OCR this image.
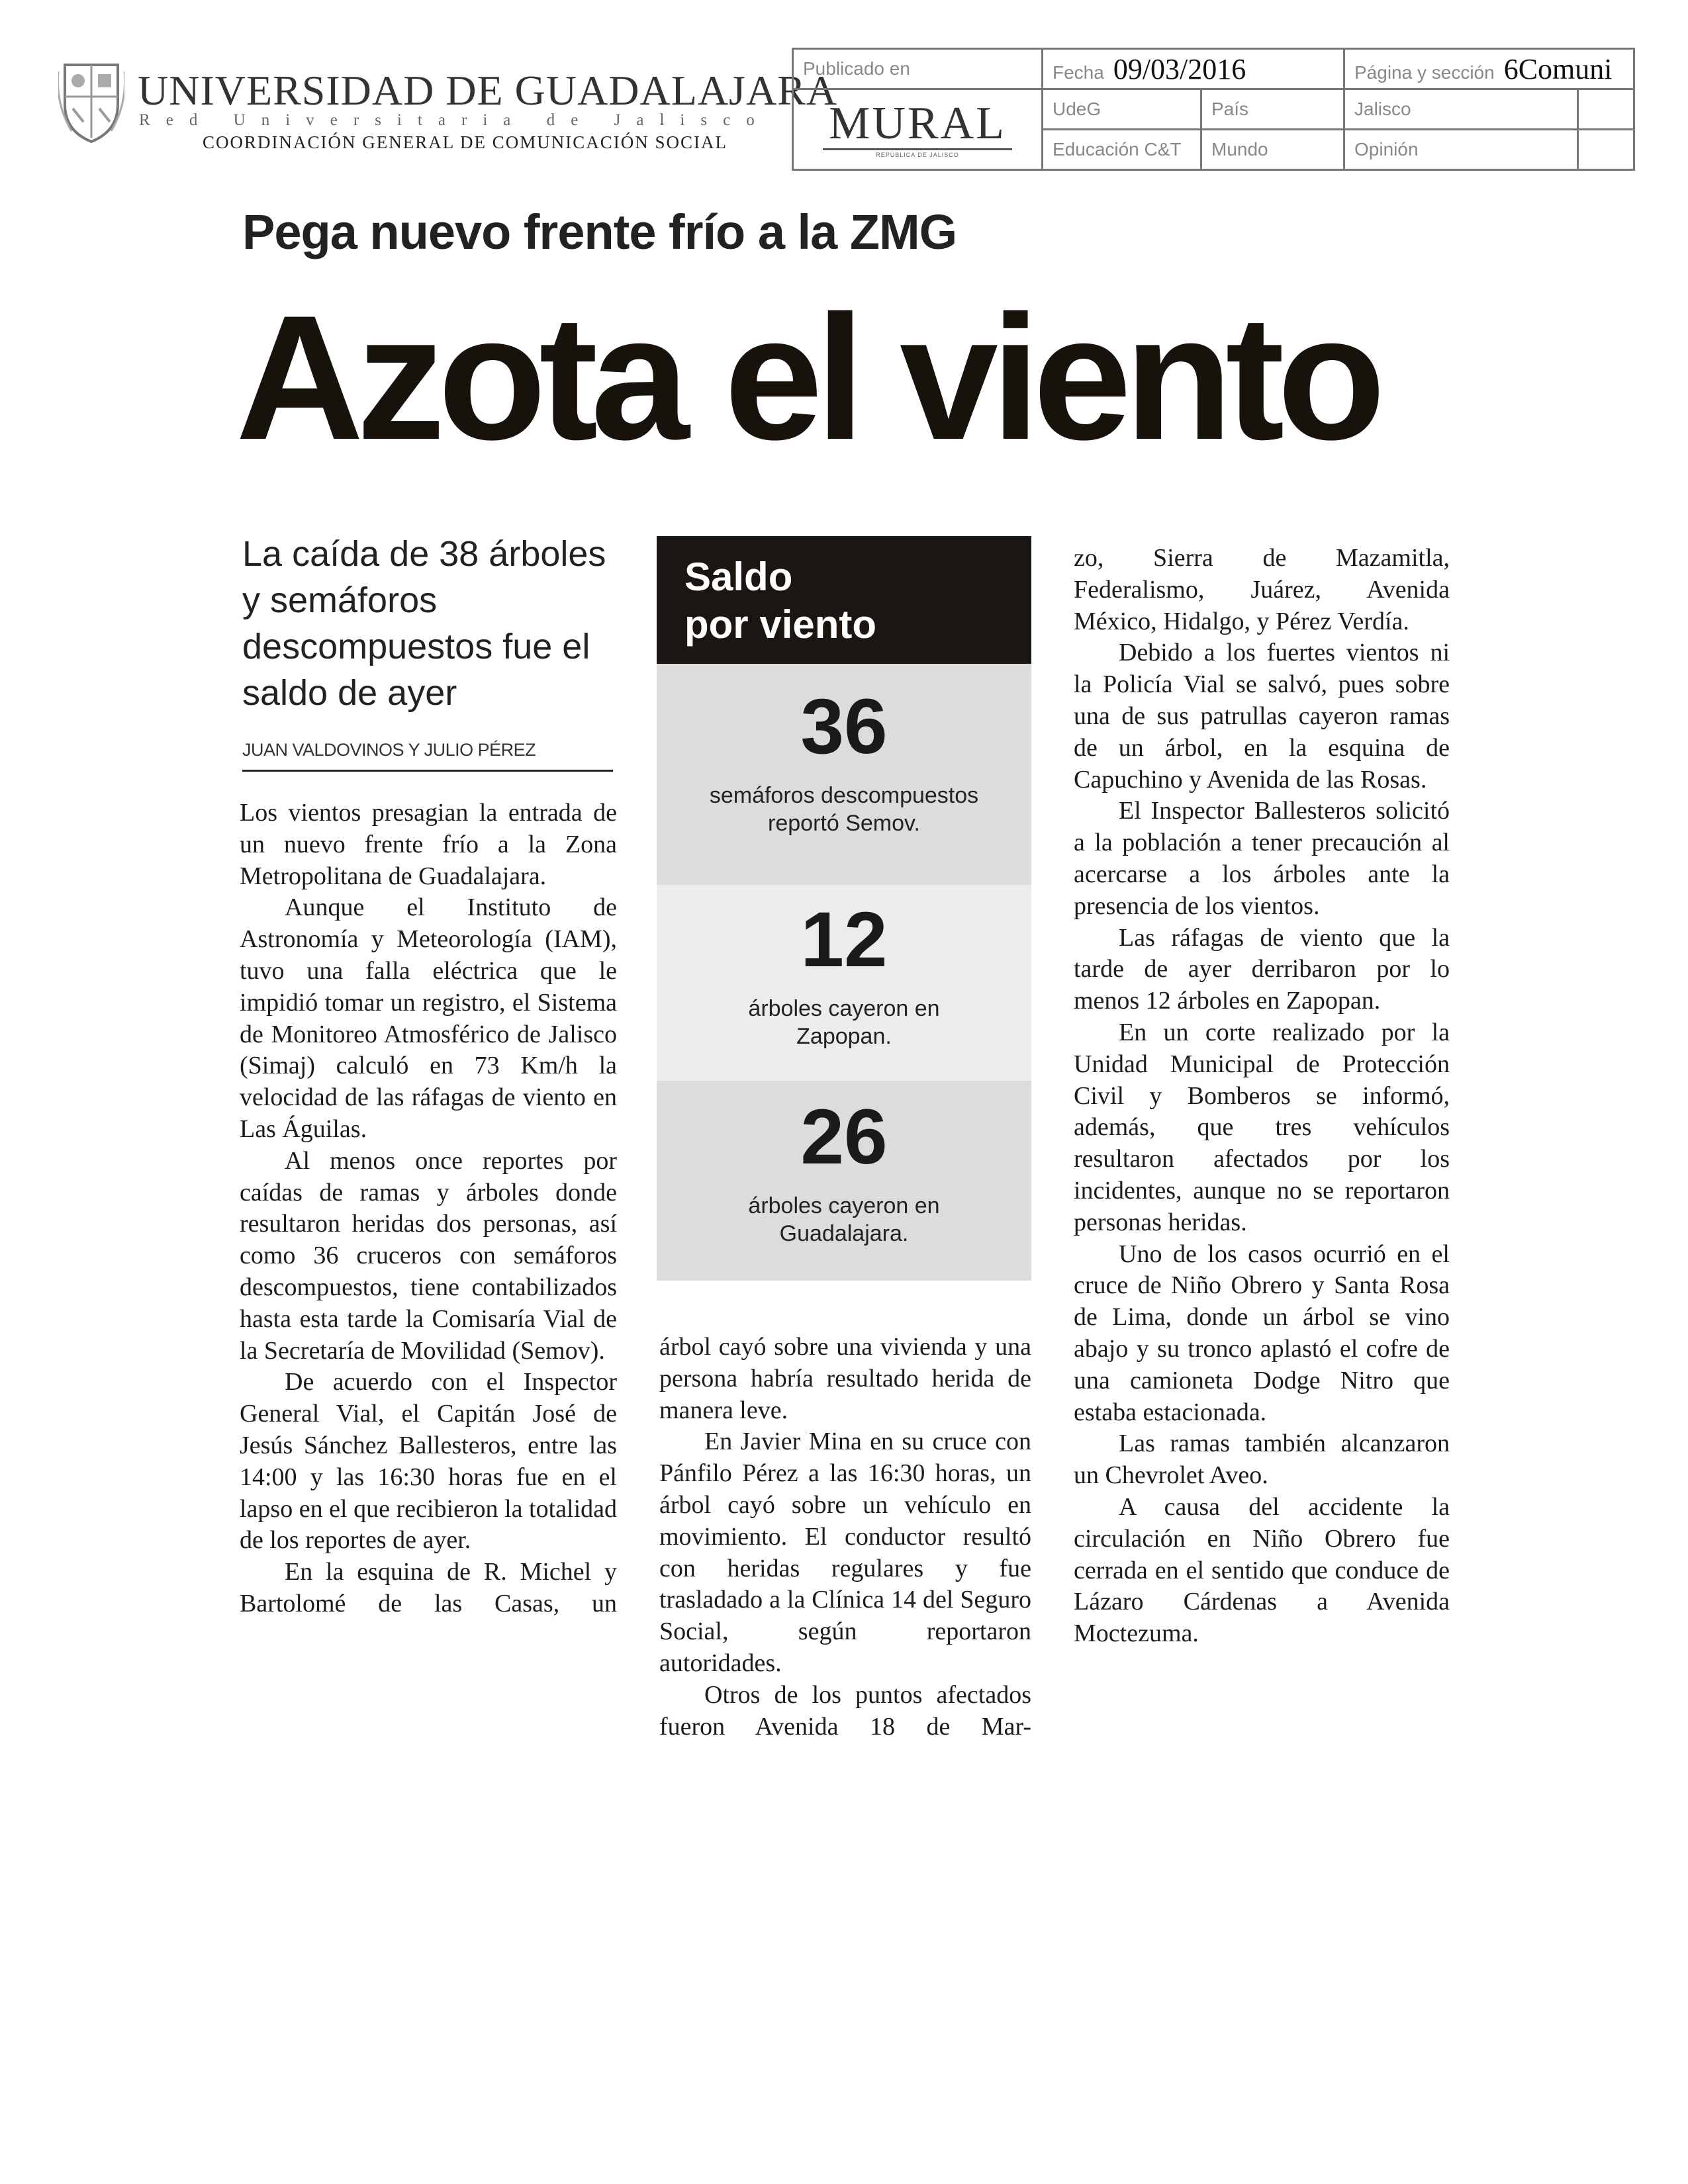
UNIVERSIDAD DE GUADALAJARA
R e d
U n i v e r s i t a r i a
d e
J a l i s c o
COORDINACIÓN GENERAL DE COMUNICACIÓN SOCIAL
Publicado en	Fecha 09/03/2016		Página y sección 6Comuni	

MURAL
REPÚBLICA DE JALISCO	UdeG	País	Jalisco	
	Educación C&T	Mundo	Opinión	
Pega nuevo frente frío a la ZMG
Azota el viento
La caída de 38 árboles y semáforos descompuestos fue el saldo de ayer
JUAN VALDOVINOS Y JULIO PÉREZ

Los vientos presagian la entrada de un nuevo frente frío a la Zona Metropolitana de Guadalajara.

Aunque el Instituto de Astronomía y Meteorología (IAM), tuvo una falla eléctrica que le impidió tomar un registro, el Sistema de Monitoreo Atmosférico de Jalisco (Simaj) calculó en 73 Km/h la velocidad de las ráfagas de viento en Las Águilas.

Al menos once reportes por caídas de ramas y árboles donde resultaron heridas dos personas, así como 36 cruceros con semáforos descompuestos, tiene contabilizados hasta esta tarde la Comisaría Vial de la Secretaría de Movilidad (Semov).

De acuerdo con el Inspector General Vial, el Capitán José de Jesús Sánchez Ballesteros, entre las 14:00 y las 16:30 horas fue en el lapso en el que recibieron la totalidad de los reportes de ayer.

En la esquina de R. Michel y Bartolomé de las Casas, un

Saldo
por viento
36
semáforos descompuestos reportó Semov.
12
árboles cayeron en Zapopan.
26
árboles cayeron en Guadalajara.

árbol cayó sobre una vivienda y una persona habría resultado herida de manera leve.

En Javier Mina en su cruce con Pánfilo Pérez a las 16:30 horas, un árbol cayó sobre un vehículo en movimiento. El conductor resultó con heridas regulares y fue trasladado a la Clínica 14 del Seguro Social, según reportaron autoridades.

Otros de los puntos afectados fueron Avenida 18 de Mar-

zo, Sierra de Mazamitla, Federalismo, Juárez, Avenida México, Hidalgo, y Pérez Verdía.

Debido a los fuertes vientos ni la Policía Vial se salvó, pues sobre una de sus patrullas cayeron ramas de un árbol, en la esquina de Capuchino y Avenida de las Rosas.

El Inspector Ballesteros solicitó a la población a tener precaución al acercarse a los árboles ante la presencia de los vientos.

Las ráfagas de viento que la tarde de ayer derribaron por lo menos 12 árboles en Zapopan.

En un corte realizado por la Unidad Municipal de Protección Civil y Bomberos se informó, además, que tres vehículos resultaron afectados por los incidentes, aunque no se reportaron personas heridas.

Uno de los casos ocurrió en el cruce de Niño Obrero y Santa Rosa de Lima, donde un árbol se vino abajo y su tronco aplastó el cofre de una camioneta Dodge Nitro que estaba estacionada.

Las ramas también alcanzaron un Chevrolet Aveo.

A causa del accidente la circulación en Niño Obrero fue cerrada en el sentido que conduce de Lázaro Cárdenas a Avenida Moctezuma.
